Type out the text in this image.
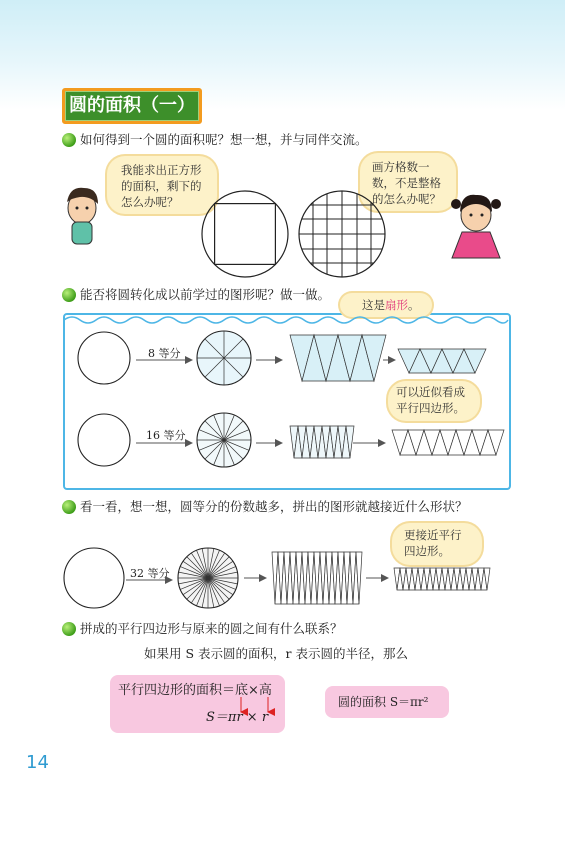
圆的面积（一）
如何得到一个圆的面积呢？想一想，并与同伴交流。
我能求出正方形
的面积，剩下的
怎么办呢？
画方格数一
数，不是整格
的怎么办呢？
能否将圆转化成以前学过的图形呢？做一做。
这是扇形。
8 等分
16 等分
可以近似看成
平行四边形。
看一看，想一想，圆等分的份数越多，拼出的图形就越接近什么形状？
更接近平行
四边形。
32 等分
拼成的平行四边形与原来的圆之间有什么联系？
如果用 S 表示圆的面积，r 表示圆的半径，那么
平行四边形的面积＝底×高
S＝πr × r
圆的面积 S＝πr²
14
